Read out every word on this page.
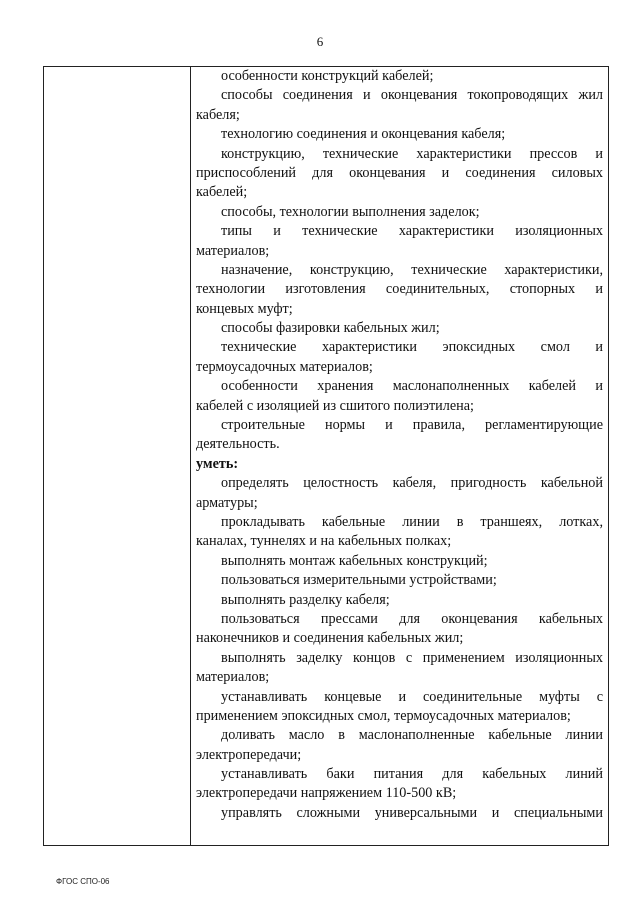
6
особенности конструкций кабелей;
способы соединения и оконцевания токопроводящих жил
кабеля;
технологию соединения и оконцевания кабеля;
конструкцию, технические характеристики прессов и
приспособлений для оконцевания и соединения силовых
кабелей;
способы, технологии выполнения заделок;
типы и технические характеристики изоляционных
материалов;
назначение, конструкцию, технические характеристики,
технологии изготовления соединительных, стопорных и
концевых муфт;
способы фазировки кабельных жил;
технические характеристики эпоксидных смол и
термоусадочных материалов;
особенности хранения маслонаполненных кабелей и
кабелей с изоляцией из сшитого полиэтилена;
строительные нормы и правила, регламентирующие
деятельность.
уметь:
определять целостность кабеля, пригодность кабельной
арматуры;
прокладывать кабельные линии в траншеях, лотках,
каналах, туннелях и на кабельных полках;
выполнять монтаж кабельных конструкций;
пользоваться измерительными устройствами;
выполнять разделку кабеля;
пользоваться прессами для оконцевания кабельных
наконечников и соединения кабельных жил;
выполнять заделку концов с применением изоляционных
материалов;
устанавливать концевые и соединительные муфты с
применением эпоксидных смол, термоусадочных материалов;
доливать масло в маслонаполненные кабельные линии
электропередачи;
устанавливать баки питания для кабельных линий
электропередачи напряжением 110-500 кВ;
управлять сложными универсальными и специальными
ФГОС СПО-06
